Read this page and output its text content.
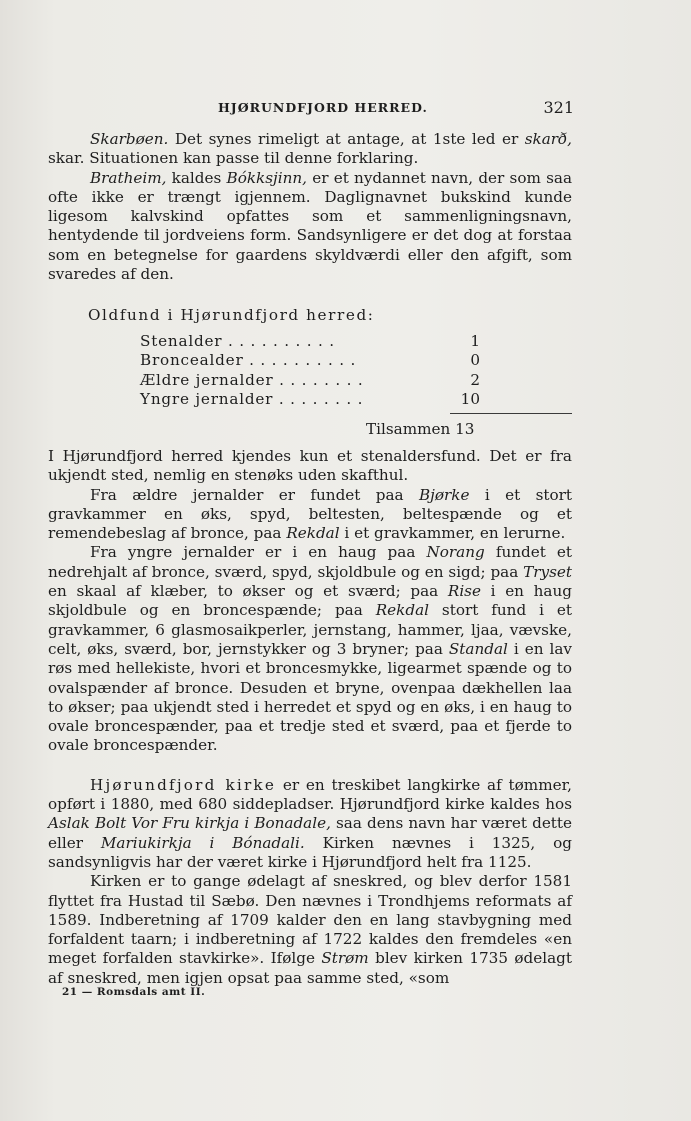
HJØRUNDFJORD HERRED.	321

Skarbøen. Det synes rimeligt at antage, at 1ste led er skarð, skar. Situationen kan passe til denne forklaring.

Bratheim, kaldes Bókksjinn, er et nydannet navn, der som saa ofte ikke er trængt igjennem. Daglignavnet bukskind kunde ligesom kalvskind opfattes som et sammenligningsnavn, hentydende til jordveiens form. Sandsynligere er det dog at forstaa som en betegnelse for gaardens skyldværdi eller den afgift, som svaredes af den.

Oldfund i Hjørundfjord herred:
Stenalder . . . . . . . . . .	1
Broncealder . . . . . . . . . .	0
Ældre jernalder . . . . . . . .	2
Yngre jernalder . . . . . . . .	10
Tilsammen 13

I Hjørundfjord herred kjendes kun et stenaldersfund. Det er fra ukjendt sted, nemlig en stenøks uden skafthul.

Fra ældre jernalder er fundet paa Bjørke i et stort gravkammer en øks, spyd, beltesten, beltespænde og et remendebeslag af bronce, paa Rekdal i et gravkammer, en lerurne.

Fra yngre jernalder er i en haug paa Norang fundet et nedrehjalt af bronce, sværd, spyd, skjoldbule og en sigd; paa Tryset en skaal af klæber, to økser og et sværd; paa Rise i en haug skjoldbule og en broncespænde; paa Rekdal stort fund i et gravkammer, 6 glasmosaikperler, jernstang, hammer, ljaa, vævske, celt, øks, sværd, bor, jernstykker og 3 bryner; paa Standal i en lav røs med hellekiste, hvori et broncesmykke, ligearmet spænde og to ovalspænder af bronce. Desuden et bryne, ovenpaa dækhellen laa to økser; paa ukjendt sted i herredet et spyd og en øks, i en haug to ovale broncespænder, paa et tredje sted et sværd, paa et fjerde to ovale broncespænder.

Hjørundfjord kirke er en treskibet langkirke af tømmer, opført i 1880, med 680 siddepladser. Hjørundfjord kirke kaldes hos Aslak Bolt Vor Fru kirkja i Bonadale, saa dens navn har været dette eller Mariukirkja i Bónadali. Kirken nævnes i 1325, og sandsynligvis har der været kirke i Hjørundfjord helt fra 1125.

Kirken er to gange ødelagt af sneskred, og blev derfor 1581 flyttet fra Hustad til Sæbø. Den nævnes i Trondhjems reformats af 1589. Indberetning af 1709 kalder den en lang stavbygning med forfaldent taarn; i indberetning af 1722 kaldes den fremdeles «en meget forfalden stavkirke». Ifølge Strøm blev kirken 1735 ødelagt af sneskred, men igjen opsat paa samme sted, «som

21 — Romsdals amt II.
